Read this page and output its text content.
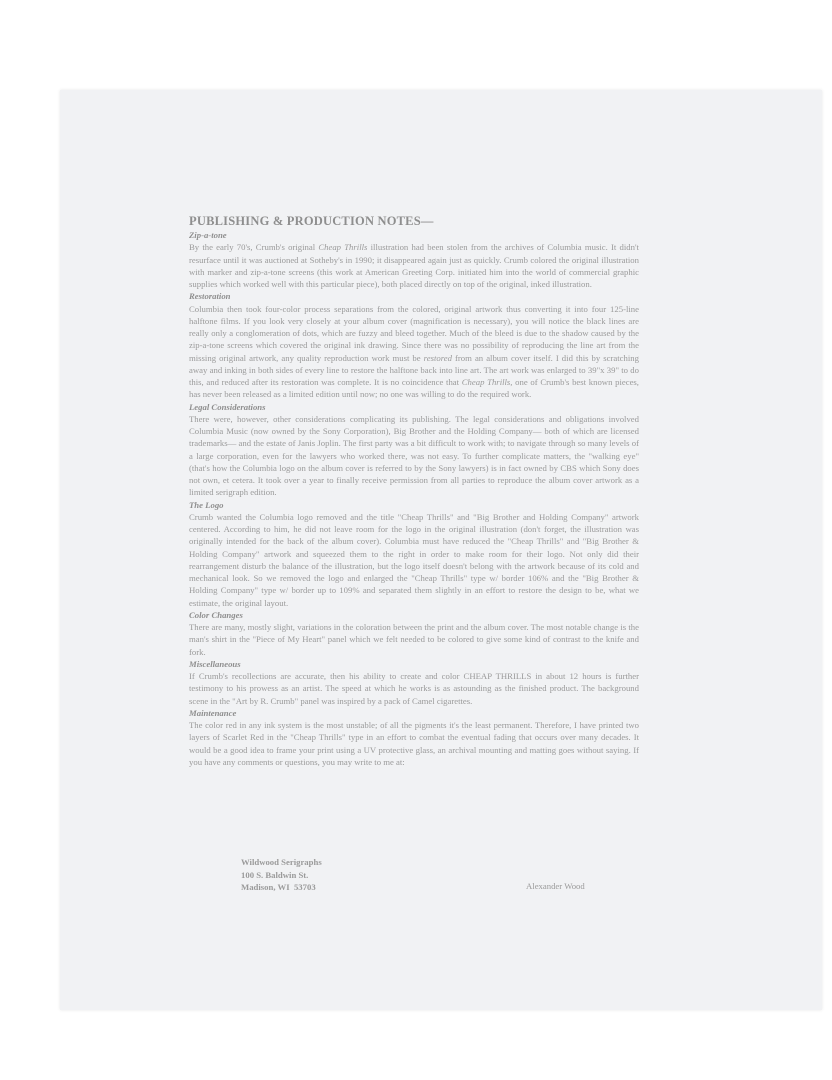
PUBLISHING & PRODUCTION NOTES—
Zip-a-tone

By the early 70's, Crumb's original Cheap Thrills illustration had been stolen from the archives of Columbia music. It didn't resurface until it was auctioned at Sotheby's in 1990; it disappeared again just as quickly. Crumb colored the original illustration with marker and zip-a-tone screens (this work at American Greeting Corp. initiated him into the world of commercial graphic supplies which worked well with this particular piece), both placed directly on top of the original, inked illustration.

Restoration

Columbia then took four-color process separations from the colored, original artwork thus converting it into four 125-line halftone films. If you look very closely at your album cover (magnification is necessary), you will notice the black lines are really only a conglomeration of dots, which are fuzzy and bleed together. Much of the bleed is due to the shadow caused by the zip-a-tone screens which covered the original ink drawing. Since there was no possibility of reproducing the line art from the missing original artwork, any quality reproduction work must be restored from an album cover itself. I did this by scratching away and inking in both sides of every line to restore the halftone back into line art. The art work was enlarged to 39"x 39" to do this, and reduced after its restoration was complete. It is no coincidence that Cheap Thrills, one of Crumb's best known pieces, has never been released as a limited edition until now; no one was willing to do the required work.

Legal Considerations

There were, however, other considerations complicating its publishing. The legal considerations and obligations involved Columbia Music (now owned by the Sony Corporation), Big Brother and the Holding Company— both of which are licensed trademarks— and the estate of Janis Joplin. The first party was a bit difficult to work with; to navigate through so many levels of a large corporation, even for the lawyers who worked there, was not easy. To further complicate matters, the "walking eye" (that's how the Columbia logo on the album cover is referred to by the Sony lawyers) is in fact owned by CBS which Sony does not own, et cetera. It took over a year to finally receive permission from all parties to reproduce the album cover artwork as a limited serigraph edition.

The Logo

Crumb wanted the Columbia logo removed and the title "Cheap Thrills" and "Big Brother and Holding Company" artwork centered. According to him, he did not leave room for the logo in the original illustration (don't forget, the illustration was originally intended for the back of the album cover). Columbia must have reduced the "Cheap Thrills" and "Big Brother & Holding Company" artwork and squeezed them to the right in order to make room for their logo. Not only did their rearrangement disturb the balance of the illustration, but the logo itself doesn't belong with the artwork because of its cold and mechanical look. So we removed the logo and enlarged the "Cheap Thrills" type w/ border 106% and the "Big Brother & Holding Company" type w/ border up to 109% and separated them slightly in an effort to restore the design to be, what we estimate, the original layout.

Color Changes

There are many, mostly slight, variations in the coloration between the print and the album cover. The most notable change is the man's shirt in the "Piece of My Heart" panel which we felt needed to be colored to give some kind of contrast to the knife and fork.

Miscellaneous

If Crumb's recollections are accurate, then his ability to create and color CHEAP THRILLS in about 12 hours is further testimony to his prowess as an artist. The speed at which he works is as astounding as the finished product. The background scene in the "Art by R. Crumb" panel was inspired by a pack of Camel cigarettes.

Maintenance

The color red in any ink system is the most unstable; of all the pigments it's the least permanent. Therefore, I have printed two layers of Scarlet Red in the "Cheap Thrills" type in an effort to combat the eventual fading that occurs over many decades. It would be a good idea to frame your print using a UV protective glass, an archival mounting and matting goes without saying. If you have any comments or questions, you may write to me at:

Wildwood Serigraphs
100 S. Baldwin St.
Madison, WI  53703	Alexander Wood
